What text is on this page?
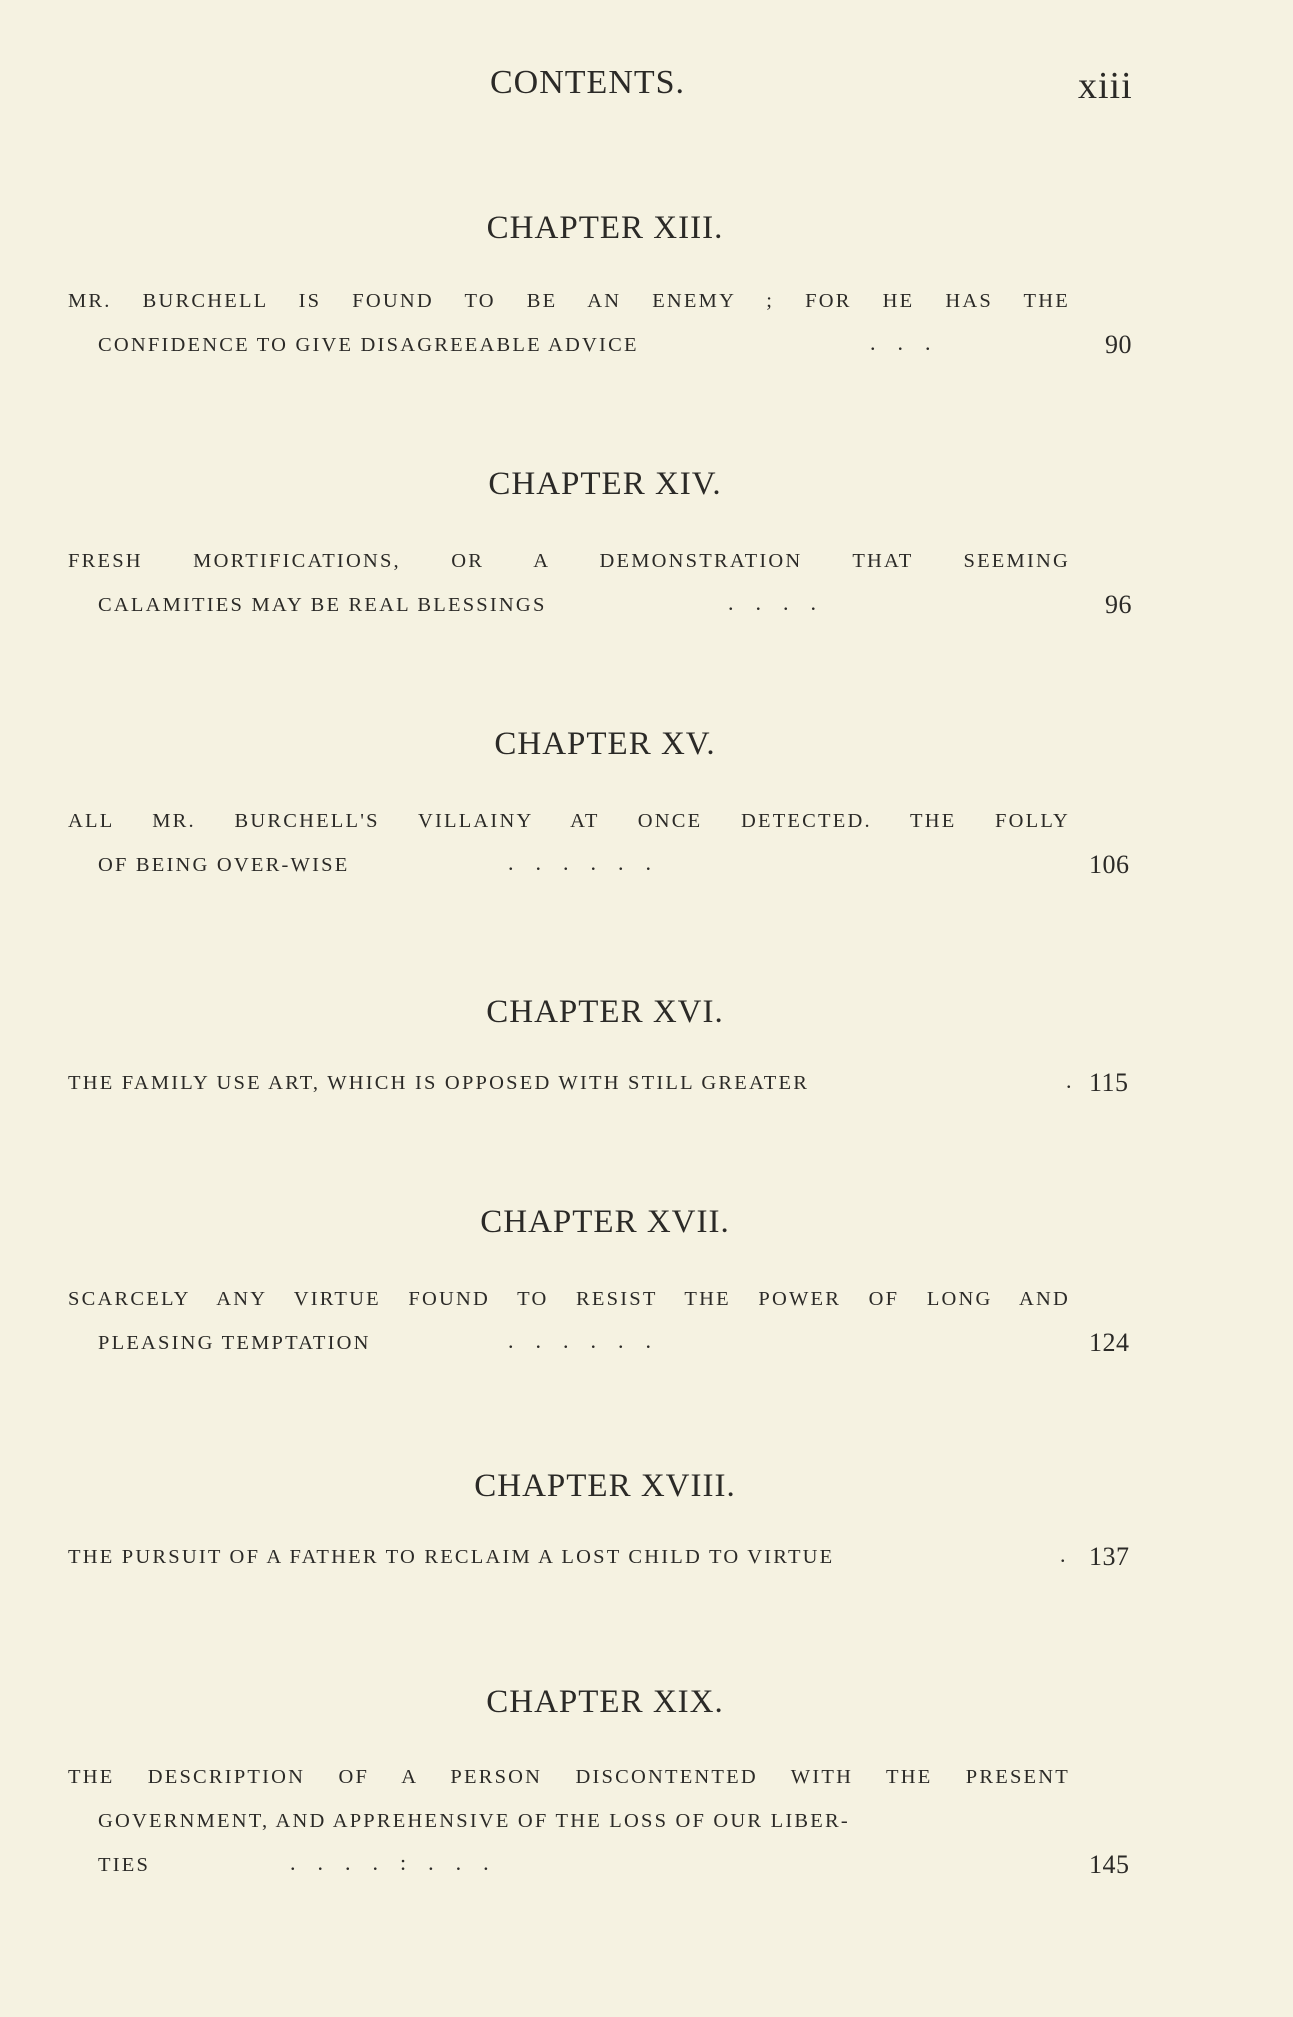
CONTENTS.	xiii
CHAPTER XIII.
MR. BURCHELL IS FOUND TO BE AN ENEMY ; FOR HE HAS THE
CONFIDENCE TO GIVE DISAGREEABLE ADVICE	.    .    .	90
CHAPTER XIV.
FRESH MORTIFICATIONS, OR A DEMONSTRATION THAT SEEMING
CALAMITIES MAY BE REAL BLESSINGS	.    .    .    .	96
CHAPTER XV.
ALL MR. BURCHELL'S VILLAINY AT ONCE DETECTED. THE FOLLY
OF BEING OVER-WISE	.    .    .    .    .    .	106
CHAPTER XVI.
THE FAMILY USE ART, WHICH IS OPPOSED WITH STILL GREATER	. 115
CHAPTER XVII.
SCARCELY ANY VIRTUE FOUND TO RESIST THE POWER OF LONG AND
PLEASING TEMPTATION	.    .    .    .    .    .	124
CHAPTER XVIII.
THE PURSUIT OF A FATHER TO RECLAIM A LOST CHILD TO VIRTUE	. 137
CHAPTER XIX.
THE DESCRIPTION OF A PERSON DISCONTENTED WITH THE PRESENT
GOVERNMENT, AND APPREHENSIVE OF THE LOSS OF OUR LIBER-
TIES	.    .    .    .    :    .    .    .	145
